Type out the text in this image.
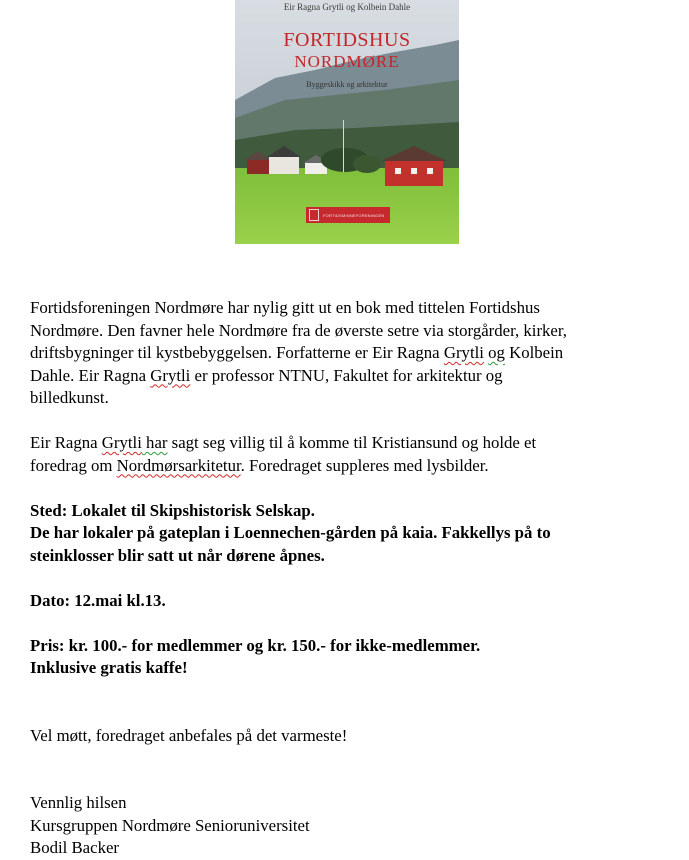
Eir Ragna Grytli og Kolbein Dahle
FORTIDSHUS
NORDMØRE
Byggeskikk og arkitektur
FORTIDSMINNEFORENINGEN

Fortidsforeningen Nordmøre har nylig gitt ut en bok med tittelen Fortidshus
Nordmøre. Den favner hele Nordmøre fra de øverste setre via storgårder, kirker,
driftsbygninger til kystbebyggelsen. Forfatterne er Eir Ragna Grytli og Kolbein
Dahle. Eir Ragna Grytli er professor NTNU, Fakultet for arkitektur og
billedkunst.

Eir Ragna Grytli har sagt seg villig til å komme til Kristiansund og holde et
foredrag om Nordmørsarkitetur. Foredraget suppleres med lysbilder.

Sted: Lokalet til Skipshistorisk Selskap.
De har lokaler på gateplan i Loennechen-gården på kaia. Fakkellys på to
steinklosser blir satt ut når dørene åpnes.

Dato: 12.mai kl.13.

Pris: kr. 100.- for medlemmer og kr. 150.- for ikke-medlemmer.
Inklusive gratis kaffe!

Vel møtt, foredraget anbefales på det varmeste!

Vennlig hilsen
Kursgruppen Nordmøre Senioruniversitet
Bodil Backer
